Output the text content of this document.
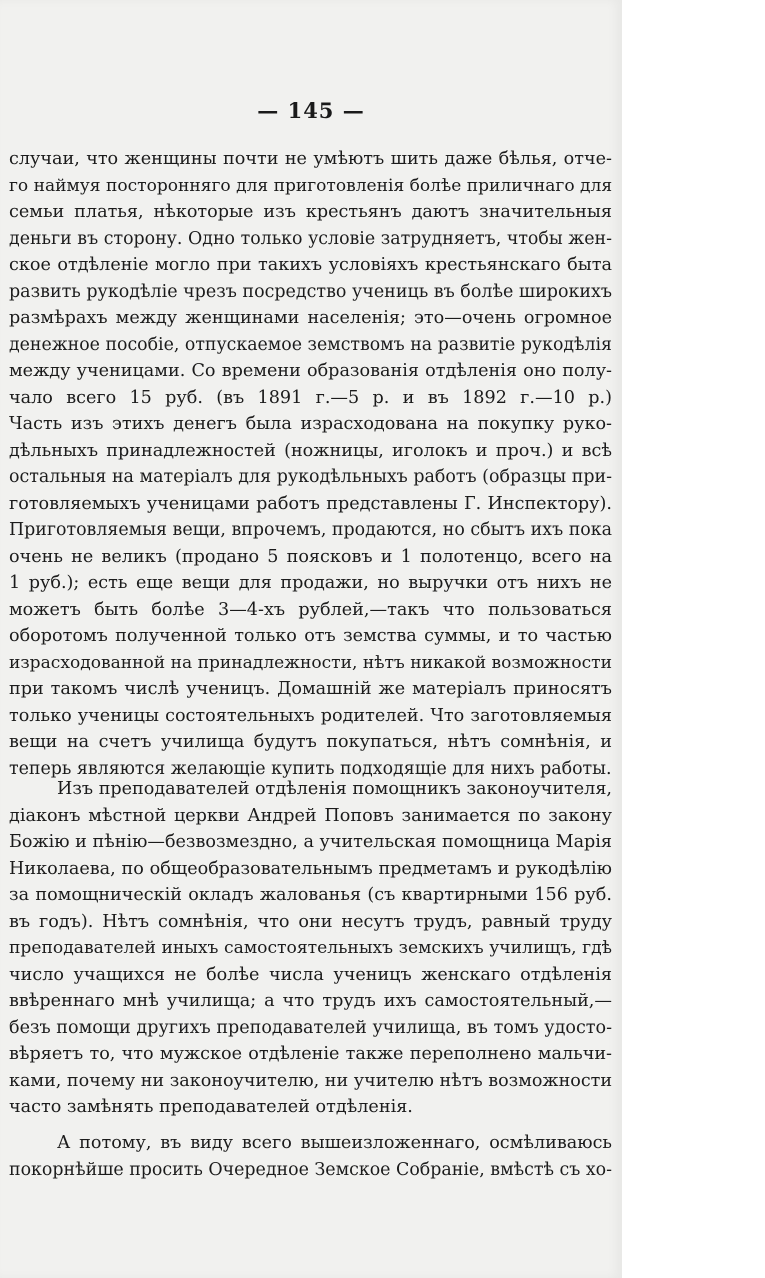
— 145 —
случаи, что женщины почти не умѣютъ шить даже бѣлья, отче-
го наймуя посторонняго для приготовленія болѣе приличнаго для
семьи платья, нѣкоторые изъ крестьянъ даютъ значительныя
деньги въ сторону. Одно только условіе затрудняетъ, чтобы жен-
ское отдѣленіе могло при такихъ условіяхъ крестьянскаго быта
развить рукодѣліе чрезъ посредство учениць въ болѣе широкихъ
размѣрахъ между женщинами населенія; это—очень огромное
денежное пособіе, отпускаемое земствомъ на развитіе рукодѣлія
между ученицами. Со времени образованія отдѣленія оно полу-
чало всего 15 руб. (въ 1891 г.—5 р. и въ 1892 г.—10 р.)
Часть изъ этихъ денегъ была израсходована на покупку руко-
дѣльныхъ принадлежностей (ножницы, иголокъ и проч.) и всѣ
остальныя на матеріалъ для рукодѣльныхъ работъ (образцы при-
готовляемыхъ ученицами работъ представлены Г. Инспектору).
Приготовляемыя вещи, впрочемъ, продаются, но сбытъ ихъ пока
очень не великъ (продано 5 поясковъ и 1 полотенцо, всего на
1 руб.); есть еще вещи для продажи, но выручки отъ нихъ не
можетъ быть болѣе 3—4-хъ рублей,—такъ что пользоваться
оборотомъ полученной только отъ земства суммы, и то частью
израсходованной на принадлежности, нѣтъ никакой возможности
при такомъ числѣ ученицъ. Домашній же матеріалъ приносятъ
только ученицы состоятельныхъ родителей. Что заготовляемыя
вещи на счетъ училища будутъ покупаться, нѣтъ сомнѣнія, и
теперь являются желающіе купить подходящіе для нихъ работы.
Изъ преподавателей отдѣленія помощникъ законоучителя,
діаконъ мѣстной церкви Андрей Поповъ занимается по закону
Божію и пѣнію—безвозмездно, а учительская помощница Марія
Николаева, по общеобразовательнымъ предметамъ и рукодѣлію
за помощническій окладъ жалованья (съ квартирными 156 руб.
въ годъ). Нѣтъ сомнѣнія, что они несутъ трудъ, равный труду
преподавателей иныхъ самостоятельныхъ земскихъ училищъ, гдѣ
число учащихся не болѣе числа ученицъ женскаго отдѣленія
ввѣреннаго мнѣ училища; а что трудъ ихъ самостоятельный,—
безъ помощи другихъ преподавателей училища, въ томъ удосто-
вѣряетъ то, что мужское отдѣленіе также переполнено мальчи-
ками, почему ни законоучителю, ни учителю нѣтъ возможности
часто замѣнять преподавателей отдѣленія.
А потому, въ виду всего вышеизложеннаго, осмѣливаюсь
покорнѣйше просить Очередное Земское Собраніе, вмѣстѣ съ хо-
